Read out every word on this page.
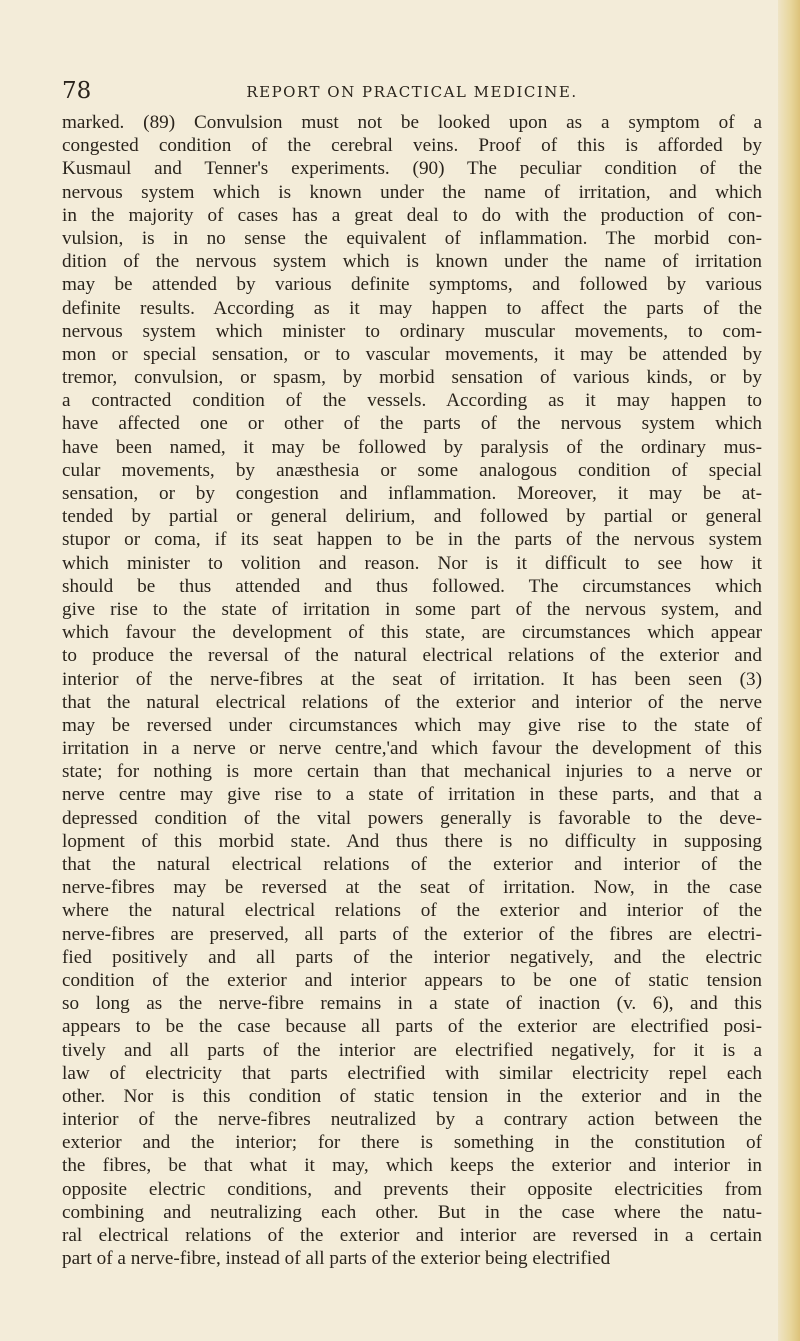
78	REPORT ON PRACTICAL MEDICINE.
marked. (89) Convulsion must not be looked upon as a symptom of a
congested condition of the cerebral veins. Proof of this is afforded by
Kusmaul and Tenner's experiments. (90) The peculiar condition of the
nervous system which is known under the name of irritation, and which
in the majority of cases has a great deal to do with the production of con-
vulsion, is in no sense the equivalent of inflammation. The morbid con-
dition of the nervous system which is known under the name of irritation
may be attended by various definite symptoms, and followed by various
definite results. According as it may happen to affect the parts of the
nervous system which minister to ordinary muscular movements, to com-
mon or special sensation, or to vascular movements, it may be attended by
tremor, convulsion, or spasm, by morbid sensation of various kinds, or by
a contracted condition of the vessels. According as it may happen to
have affected one or other of the parts of the nervous system which
have been named, it may be followed by paralysis of the ordinary mus-
cular movements, by anæsthesia or some analogous condition of special
sensation, or by congestion and inflammation. Moreover, it may be at-
tended by partial or general delirium, and followed by partial or general
stupor or coma, if its seat happen to be in the parts of the nervous system
which minister to volition and reason. Nor is it difficult to see how it
should be thus attended and thus followed. The circumstances which
give rise to the state of irritation in some part of the nervous system, and
which favour the development of this state, are circumstances which appear
to produce the reversal of the natural electrical relations of the exterior and
interior of the nerve-fibres at the seat of irritation. It has been seen (3)
that the natural electrical relations of the exterior and interior of the nerve
may be reversed under circumstances which may give rise to the state of
irritation in a nerve or nerve centre,'and which favour the development of this
state; for nothing is more certain than that mechanical injuries to a nerve or
nerve centre may give rise to a state of irritation in these parts, and that a
depressed condition of the vital powers generally is favorable to the deve-
lopment of this morbid state. And thus there is no difficulty in supposing
that the natural electrical relations of the exterior and interior of the
nerve-fibres may be reversed at the seat of irritation. Now, in the case
where the natural electrical relations of the exterior and interior of the
nerve-fibres are preserved, all parts of the exterior of the fibres are electri-
fied positively and all parts of the interior negatively, and the electric
condition of the exterior and interior appears to be one of static tension
so long as the nerve-fibre remains in a state of inaction (v. 6), and this
appears to be the case because all parts of the exterior are electrified posi-
tively and all parts of the interior are electrified negatively, for it is a
law of electricity that parts electrified with similar electricity repel each
other. Nor is this condition of static tension in the exterior and in the
interior of the nerve-fibres neutralized by a contrary action between the
exterior and the interior; for there is something in the constitution of
the fibres, be that what it may, which keeps the exterior and interior in
opposite electric conditions, and prevents their opposite electricities from
combining and neutralizing each other. But in the case where the natu-
ral electrical relations of the exterior and interior are reversed in a certain
part of a nerve-fibre, instead of all parts of the exterior being electrified
